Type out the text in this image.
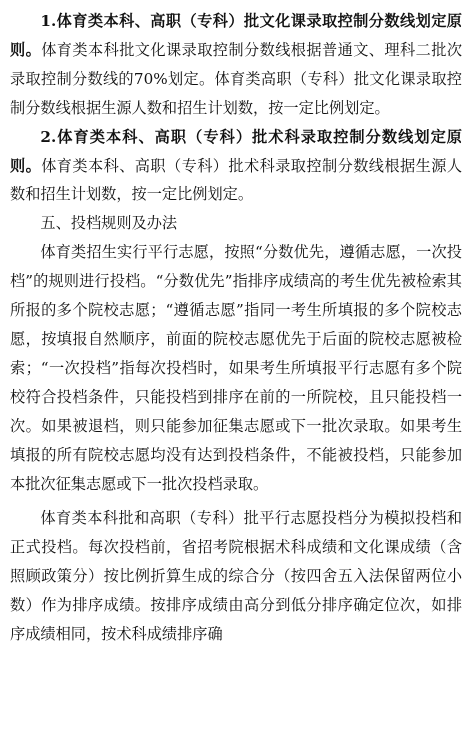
1.体育类本科、高职（专科）批文化课录取控制分数线划定原则。体育类本科批文化课录取控制分数线根据普通文、理科二批次录取控制分数线的70%划定。体育类高职（专科）批文化课录取控制分数线根据生源人数和招生计划数，按一定比例划定。

2.体育类本科、高职（专科）批术科录取控制分数线划定原则。体育类本科、高职（专科）批术科录取控制分数线根据生源人数和招生计划数，按一定比例划定。

五、投档规则及办法

体育类招生实行平行志愿，按照“分数优先，遵循志愿，一次投档”的规则进行投档。“分数优先”指排序成绩高的考生优先被检索其所报的多个院校志愿；“遵循志愿”指同一考生所填报的多个院校志愿，按填报自然顺序，前面的院校志愿优先于后面的院校志愿被检索；“一次投档”指每次投档时，如果考生所填报平行志愿有多个院校符合投档条件，只能投档到排序在前的一所院校，且只能投档一次。如果被退档，则只能参加征集志愿或下一批次录取。如果考生填报的所有院校志愿均没有达到投档条件，不能被投档，只能参加本批次征集志愿或下一批次投档录取。

体育类本科批和高职（专科）批平行志愿投档分为模拟投档和正式投档。每次投档前，省招考院根据术科成绩和文化课成绩（含照顾政策分）按比例折算生成的综合分（按四舍五入法保留两位小数）作为排序成绩。按排序成绩由高分到低分排序确定位次，如排序成绩相同，按术科成绩排序确
